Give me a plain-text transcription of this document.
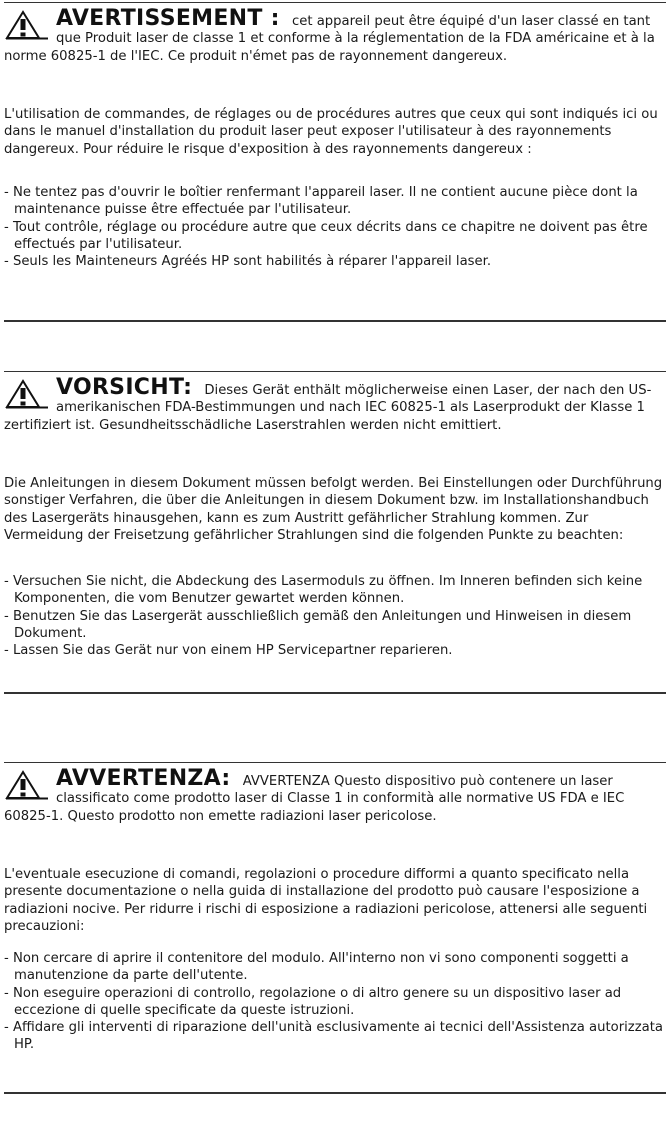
AVERTISSEMENT : cet appareil peut être équipé d'un laser classé en tant que Produit laser de classe 1 et conforme à la réglementation de la FDA américaine et à la norme 60825-1 de l'IEC. Ce produit n'émet pas de rayonnement dangereux.

L'utilisation de commandes, de réglages ou de procédures autres que ceux qui sont indiqués ici ou dans le manuel d'installation du produit laser peut exposer l'utilisateur à des rayonnements dangereux. Pour réduire le risque d'exposition à des rayonnements dangereux :

- Ne tentez pas d'ouvrir le boîtier renfermant l'appareil laser. Il ne contient aucune pièce dont la maintenance puisse être effectuée par l'utilisateur.
- Tout contrôle, réglage ou procédure autre que ceux décrits dans ce chapitre ne doivent pas être effectués par l'utilisateur.
- Seuls les Mainteneurs Agréés HP sont habilités à réparer l'appareil laser.
VORSICHT: Dieses Gerät enthält möglicherweise einen Laser, der nach den US-amerikanischen FDA-Bestimmungen und nach IEC 60825-1 als Laserprodukt der Klasse 1 zertifiziert ist. Gesundheitsschädliche Laserstrahlen werden nicht emittiert.

Die Anleitungen in diesem Dokument müssen befolgt werden. Bei Einstellungen oder Durchführung sonstiger Verfahren, die über die Anleitungen in diesem Dokument bzw. im Installationshandbuch des Lasergeräts hinausgehen, kann es zum Austritt gefährlicher Strahlung kommen. Zur Vermeidung der Freisetzung gefährlicher Strahlungen sind die folgenden Punkte zu beachten:

- Versuchen Sie nicht, die Abdeckung des Lasermoduls zu öffnen. Im Inneren befinden sich keine Komponenten, die vom Benutzer gewartet werden können.
- Benutzen Sie das Lasergerät ausschließlich gemäß den Anleitungen und Hinweisen in diesem Dokument.
- Lassen Sie das Gerät nur von einem HP Servicepartner reparieren.
AVVERTENZA: AVVERTENZA Questo dispositivo può contenere un laser classificato come prodotto laser di Classe 1 in conformità alle normative US FDA e IEC 60825-1. Questo prodotto non emette radiazioni laser pericolose.

L'eventuale esecuzione di comandi, regolazioni o procedure difformi a quanto specificato nella presente documentazione o nella guida di installazione del prodotto può causare l'esposizione a radiazioni nocive. Per ridurre i rischi di esposizione a radiazioni pericolose, attenersi alle seguenti precauzioni:

- Non cercare di aprire il contenitore del modulo. All'interno non vi sono componenti soggetti a manutenzione da parte dell'utente.
- Non eseguire operazioni di controllo, regolazione o di altro genere su un dispositivo laser ad eccezione di quelle specificate da queste istruzioni.
- Affidare gli interventi di riparazione dell'unità esclusivamente ai tecnici dell'Assistenza autorizzata HP.
